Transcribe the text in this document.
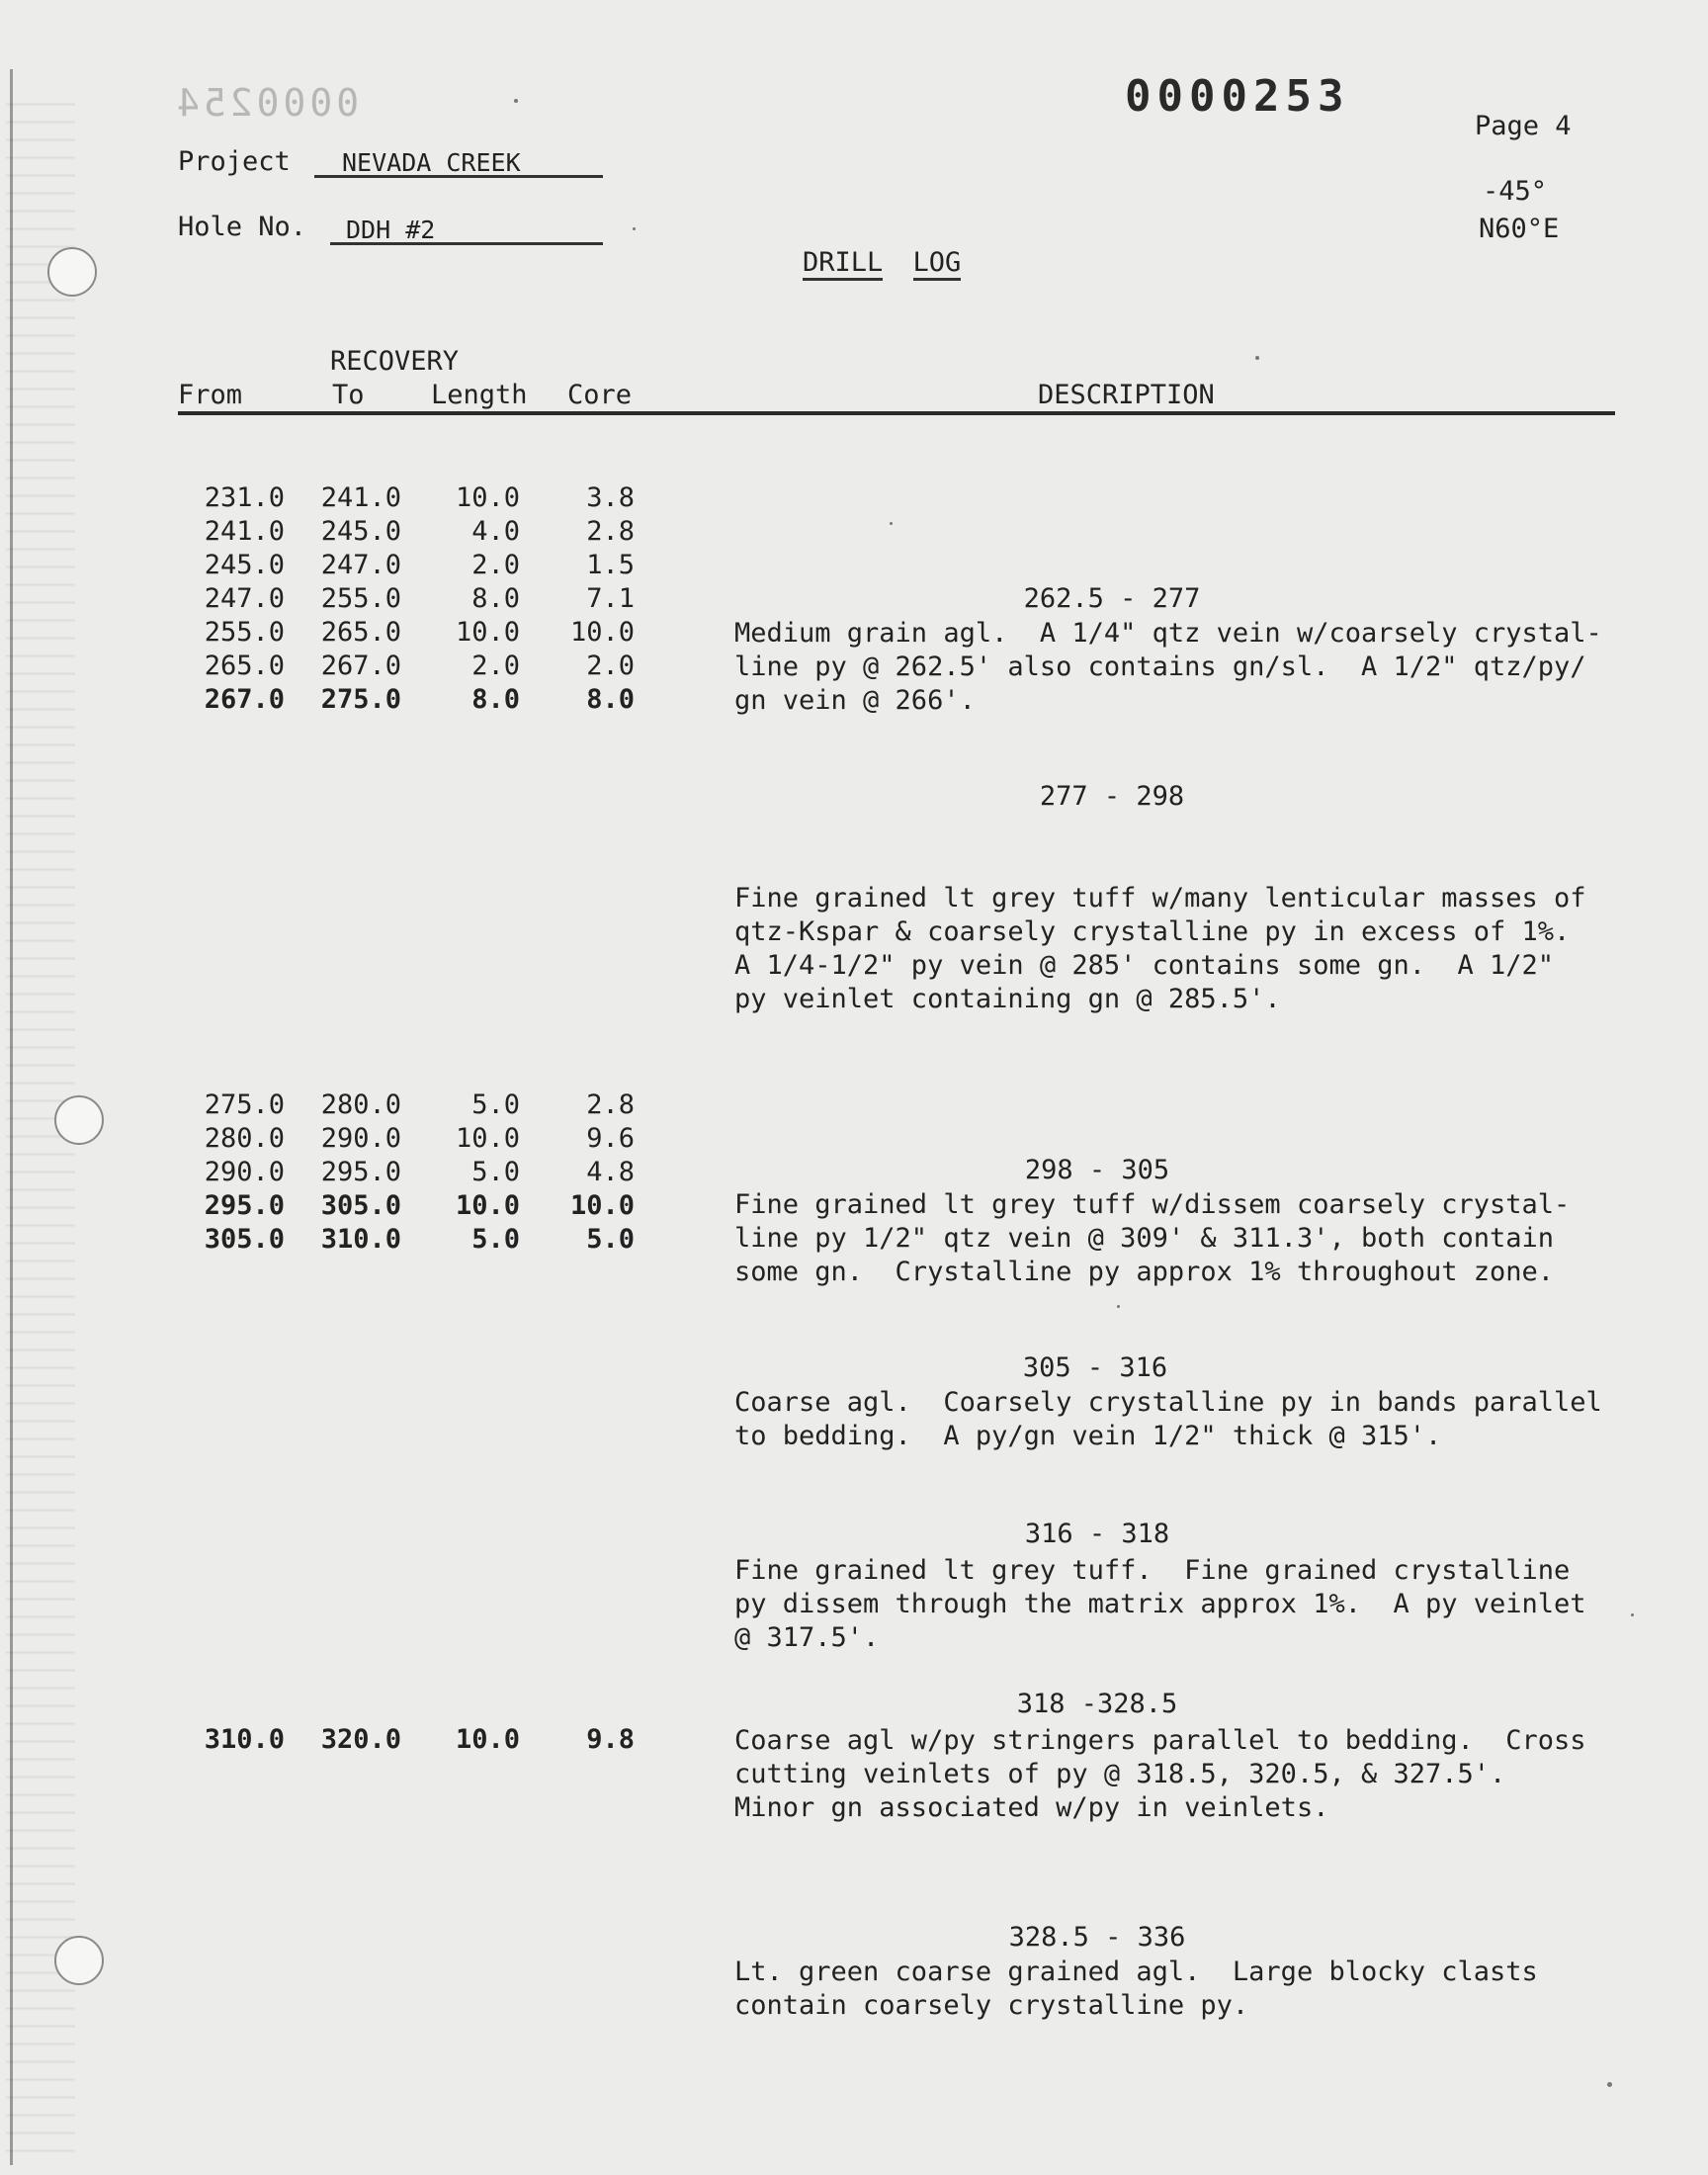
0000254	0000253
Page 4
-45°
N60°E
Project	NEVADA CREEK
Hole No.	DDH #2
DRILL LOG
RECOVERY
From	To Length Core	DESCRIPTION
231.0	241.0	10.0	3.8
241.0	245.0	4.0	2.8
245.0	247.0	2.0	1.5
247.0	255.0	8.0	7.1
255.0	265.0	10.0	10.0
265.0	267.0	2.0	2.0
267.0	275.0	8.0	8.0
275.0	280.0	5.0	2.8
280.0	290.0	10.0	9.6
290.0	295.0	5.0	4.8
295.0	305.0	10.0	10.0
305.0	310.0	5.0	5.0
310.0	320.0	10.0	9.8
262.5 - 277
Medium grain agl.  A 1/4" qtz vein w/coarsely crystal-
line py @ 262.5' also contains gn/sl.  A 1/2" qtz/py/
gn vein @ 266'.
277 - 298
Fine grained lt grey tuff w/many lenticular masses of
qtz-Kspar & coarsely crystalline py in excess of 1%.
A 1/4-1/2" py vein @ 285' contains some gn.  A 1/2"
py veinlet containing gn @ 285.5'.
298 - 305
Fine grained lt grey tuff w/dissem coarsely crystal-
line py 1/2" qtz vein @ 309' & 311.3', both contain
some gn.  Crystalline py approx 1% throughout zone.
305 - 316
Coarse agl.  Coarsely crystalline py in bands parallel
to bedding.  A py/gn vein 1/2" thick @ 315'.
316 - 318
Fine grained lt grey tuff.  Fine grained crystalline
py dissem through the matrix approx 1%.  A py veinlet
@ 317.5'.
318 -328.5
Coarse agl w/py stringers parallel to bedding.  Cross
cutting veinlets of py @ 318.5, 320.5, & 327.5'.
Minor gn associated w/py in veinlets.
328.5 - 336
Lt. green coarse grained agl.  Large blocky clasts
contain coarsely crystalline py.
